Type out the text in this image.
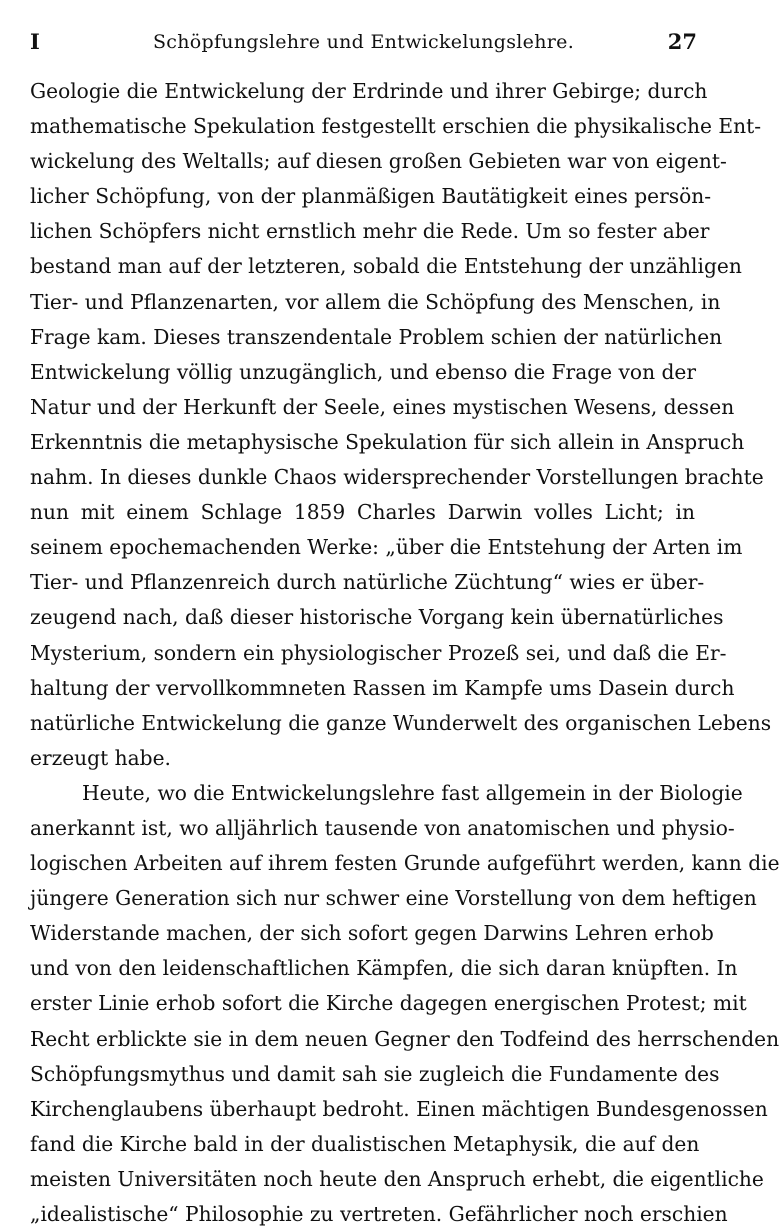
I	Schöpfungslehre und Entwickelungslehre.	27
Geologie die Entwickelung der Erdrinde und ihrer Gebirge; durch
mathematische Spekulation festgestellt erschien die physikalische Ent-
wickelung des Weltalls; auf diesen großen Gebieten war von eigent-
licher Schöpfung, von der planmäßigen Bautätigkeit eines persön-
lichen Schöpfers nicht ernstlich mehr die Rede. Um so fester aber
bestand man auf der letzteren, sobald die Entstehung der unzähligen
Tier- und Pflanzenarten, vor allem die Schöpfung des Menschen, in
Frage kam. Dieses transzendentale Problem schien der natürlichen
Entwickelung völlig unzugänglich, und ebenso die Frage von der
Natur und der Herkunft der Seele, eines mystischen Wesens, dessen
Erkenntnis die metaphysische Spekulation für sich allein in Anspruch
nahm. In dieses dunkle Chaos widersprechender Vorstellungen brachte
nun mit einem Schlage 1859 Charles Darwin volles Licht; in
seinem epochemachenden Werke: „über die Entstehung der Arten im
Tier- und Pflanzenreich durch natürliche Züchtung“ wies er über-
zeugend nach, daß dieser historische Vorgang kein übernatürliches
Mysterium, sondern ein physiologischer Prozeß sei, und daß die Er-
haltung der vervollkommneten Rassen im Kampfe ums Dasein durch
natürliche Entwickelung die ganze Wunderwelt des organischen Lebens
erzeugt habe.
Heute, wo die Entwickelungslehre fast allgemein in der Biologie
anerkannt ist, wo alljährlich tausende von anatomischen und physio-
logischen Arbeiten auf ihrem festen Grunde aufgeführt werden, kann die
jüngere Generation sich nur schwer eine Vorstellung von dem heftigen
Widerstande machen, der sich sofort gegen Darwins Lehren erhob
und von den leidenschaftlichen Kämpfen, die sich daran knüpften. In
erster Linie erhob sofort die Kirche dagegen energischen Protest; mit
Recht erblickte sie in dem neuen Gegner den Todfeind des herrschenden
Schöpfungsmythus und damit sah sie zugleich die Fundamente des
Kirchenglaubens überhaupt bedroht. Einen mächtigen Bundesgenossen
fand die Kirche bald in der dualistischen Metaphysik, die auf den
meisten Universitäten noch heute den Anspruch erhebt, die eigentliche
„idealistische“ Philosophie zu vertreten. Gefährlicher noch erschien
